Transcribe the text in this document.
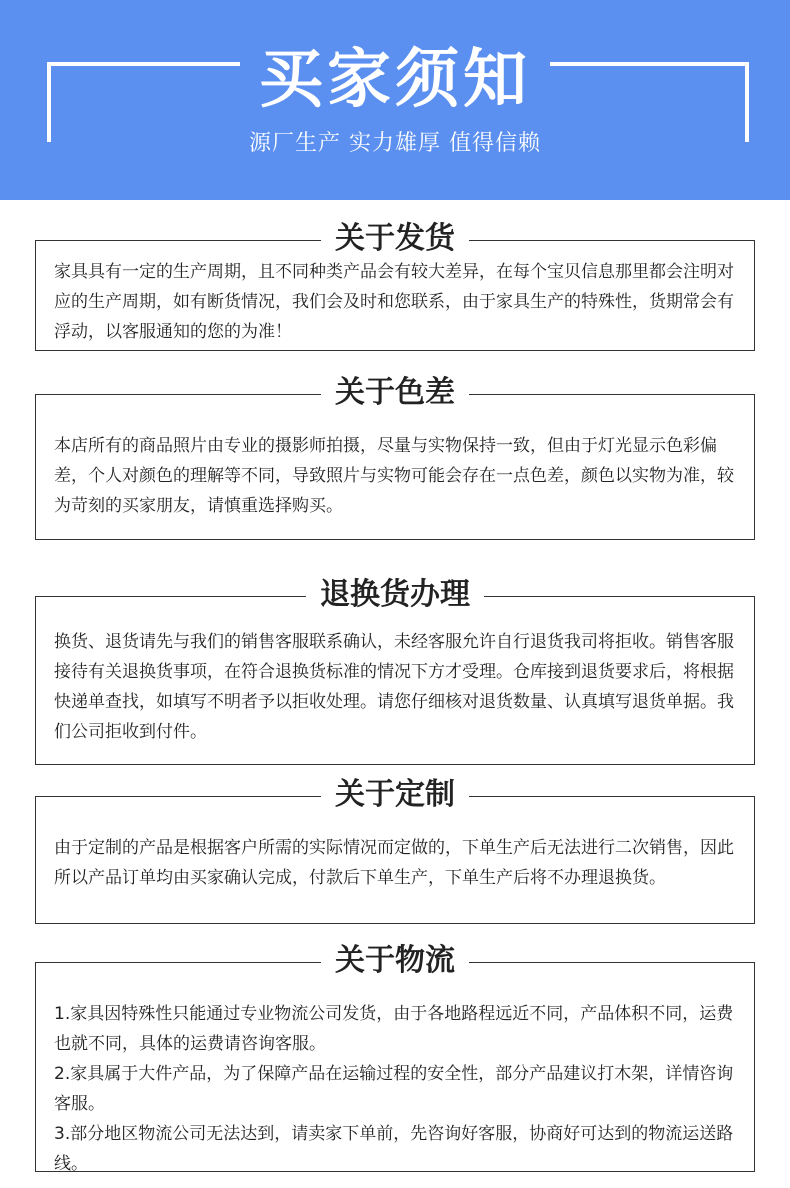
买家须知
源厂生产 实力雄厚 值得信赖
关于发货

家具具有一定的生产周期，且不同种类产品会有较大差异，在每个宝贝信息那里都会注明对应的生产周期，如有断货情况，我们会及时和您联系，由于家具生产的特殊性，货期常会有浮动，以客服通知的您的为准！

关于色差

本店所有的商品照片由专业的摄影师拍摄，尽量与实物保持一致，但由于灯光显示色彩偏差，个人对颜色的理解等不同，导致照片与实物可能会存在一点色差，颜色以实物为准，较为苛刻的买家朋友，请慎重选择购买。

退换货办理

换货、退货请先与我们的销售客服联系确认，未经客服允许自行退货我司将拒收。销售客服接待有关退换货事项，在符合退换货标准的情况下方才受理。仓库接到退货要求后，将根据快递单查找，如填写不明者予以拒收处理。请您仔细核对退货数量、认真填写退货单据。我们公司拒收到付件。

关于定制

由于定制的产品是根据客户所需的实际情况而定做的，下单生产后无法进行二次销售，因此所以产品订单均由买家确认完成，付款后下单生产，下单生产后将不办理退换货。

关于物流

1.家具因特殊性只能通过专业物流公司发货，由于各地路程远近不同，产品体积不同，运费也就不同，具体的运费请咨询客服。

2.家具属于大件产品，为了保障产品在运输过程的安全性，部分产品建议打木架，详情咨询客服。

3.部分地区物流公司无法达到，请卖家下单前，先咨询好客服，协商好可达到的物流运送路线。
